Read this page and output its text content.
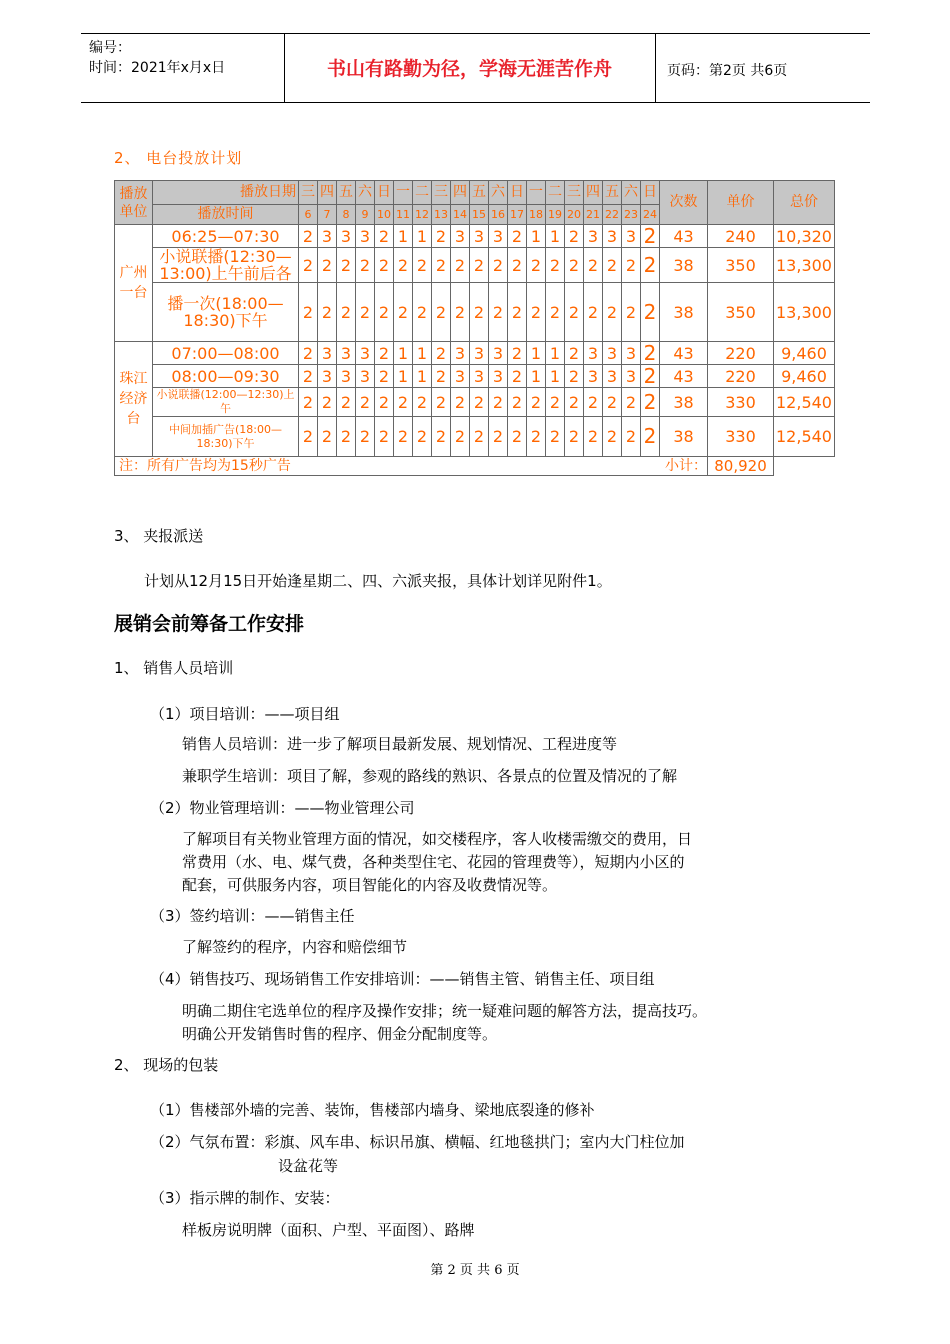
编号：
时间：2021年x月x日	书山有路勤为径，学海无涯苦作舟	页码：第2页 共6页
2、 电台投放计划
播放单位	播放日期	三	四	五	六	日	一	二	三	四	五	六	日	一	二	三	四	五	六	日	次数	单价	总价
	播放时间	6	7	8	9	10	11	12	13	14	15	16	17	18	19	20	21	22	23	24			
广州一台	06:25—07:30	2	3	3	3	2	1	1	2	3	3	3	2	1	1	2	3	3	3	2	43	240	10,320
	小说联播(12:30—13:00)上午前后各	2	2	2	2	2	2	2	2	2	2	2	2	2	2	2	2	2	2	2	38	350	13,300
	播一次(18:00—18:30)下午	2	2	2	2	2	2	2	2	2	2	2	2	2	2	2	2	2	2	2	38	350	13,300
珠江经济台	07:00—08:00	2	3	3	3	2	1	1	2	3	3	3	2	1	1	2	3	3	3	2	43	220	9,460
	08:00—09:30	2	3	3	3	2	1	1	2	3	3	3	2	1	1	2	3	3	3	2	43	220	9,460
	小说联播(12:00—12:30)上午	2	2	2	2	2	2	2	2	2	2	2	2	2	2	2	2	2	2	2	38	330	12,540
	中间加插广告(18:00—18:30)下午	2	2	2	2	2	2	2	2	2	2	2	2	2	2	2	2	2	2	2	38	330	12,540
注：所有广告均为15秒广告																					小计：	80,920	
3、 夹报派送
计划从12月15日开始逢星期二、四、六派夹报，具体计划详见附件1。
展销会前筹备工作安排
1、 销售人员培训
（1）项目培训：——项目组
销售人员培训：进一步了解项目最新发展、规划情况、工程进度等
兼职学生培训：项目了解，参观的路线的熟识、各景点的位置及情况的了解
（2）物业管理培训：——物业管理公司
了解项目有关物业管理方面的情况，如交楼程序，客人收楼需缴交的费用，日
常费用（水、电、煤气费，各种类型住宅、花园的管理费等），短期内小区的
配套，可供服务内容，项目智能化的内容及收费情况等。
（3）签约培训：——销售主任
了解签约的程序，内容和赔偿细节
（4）销售技巧、现场销售工作安排培训：——销售主管、销售主任、项目组
明确二期住宅选单位的程序及操作安排；统一疑难问题的解答方法，提高技巧。
明确公开发销售时售的程序、佣金分配制度等。
2、 现场的包装
（1）售楼部外墙的完善、装饰，售楼部内墙身、梁地底裂逢的修补
（2）气氛布置：彩旗、风车串、标识吊旗、横幅、红地毯拱门；室内大门柱位加
设盆花等
（3）指示牌的制作、安装：
样板房说明牌（面积、户型、平面图）、路牌
第 2 页 共 6 页
